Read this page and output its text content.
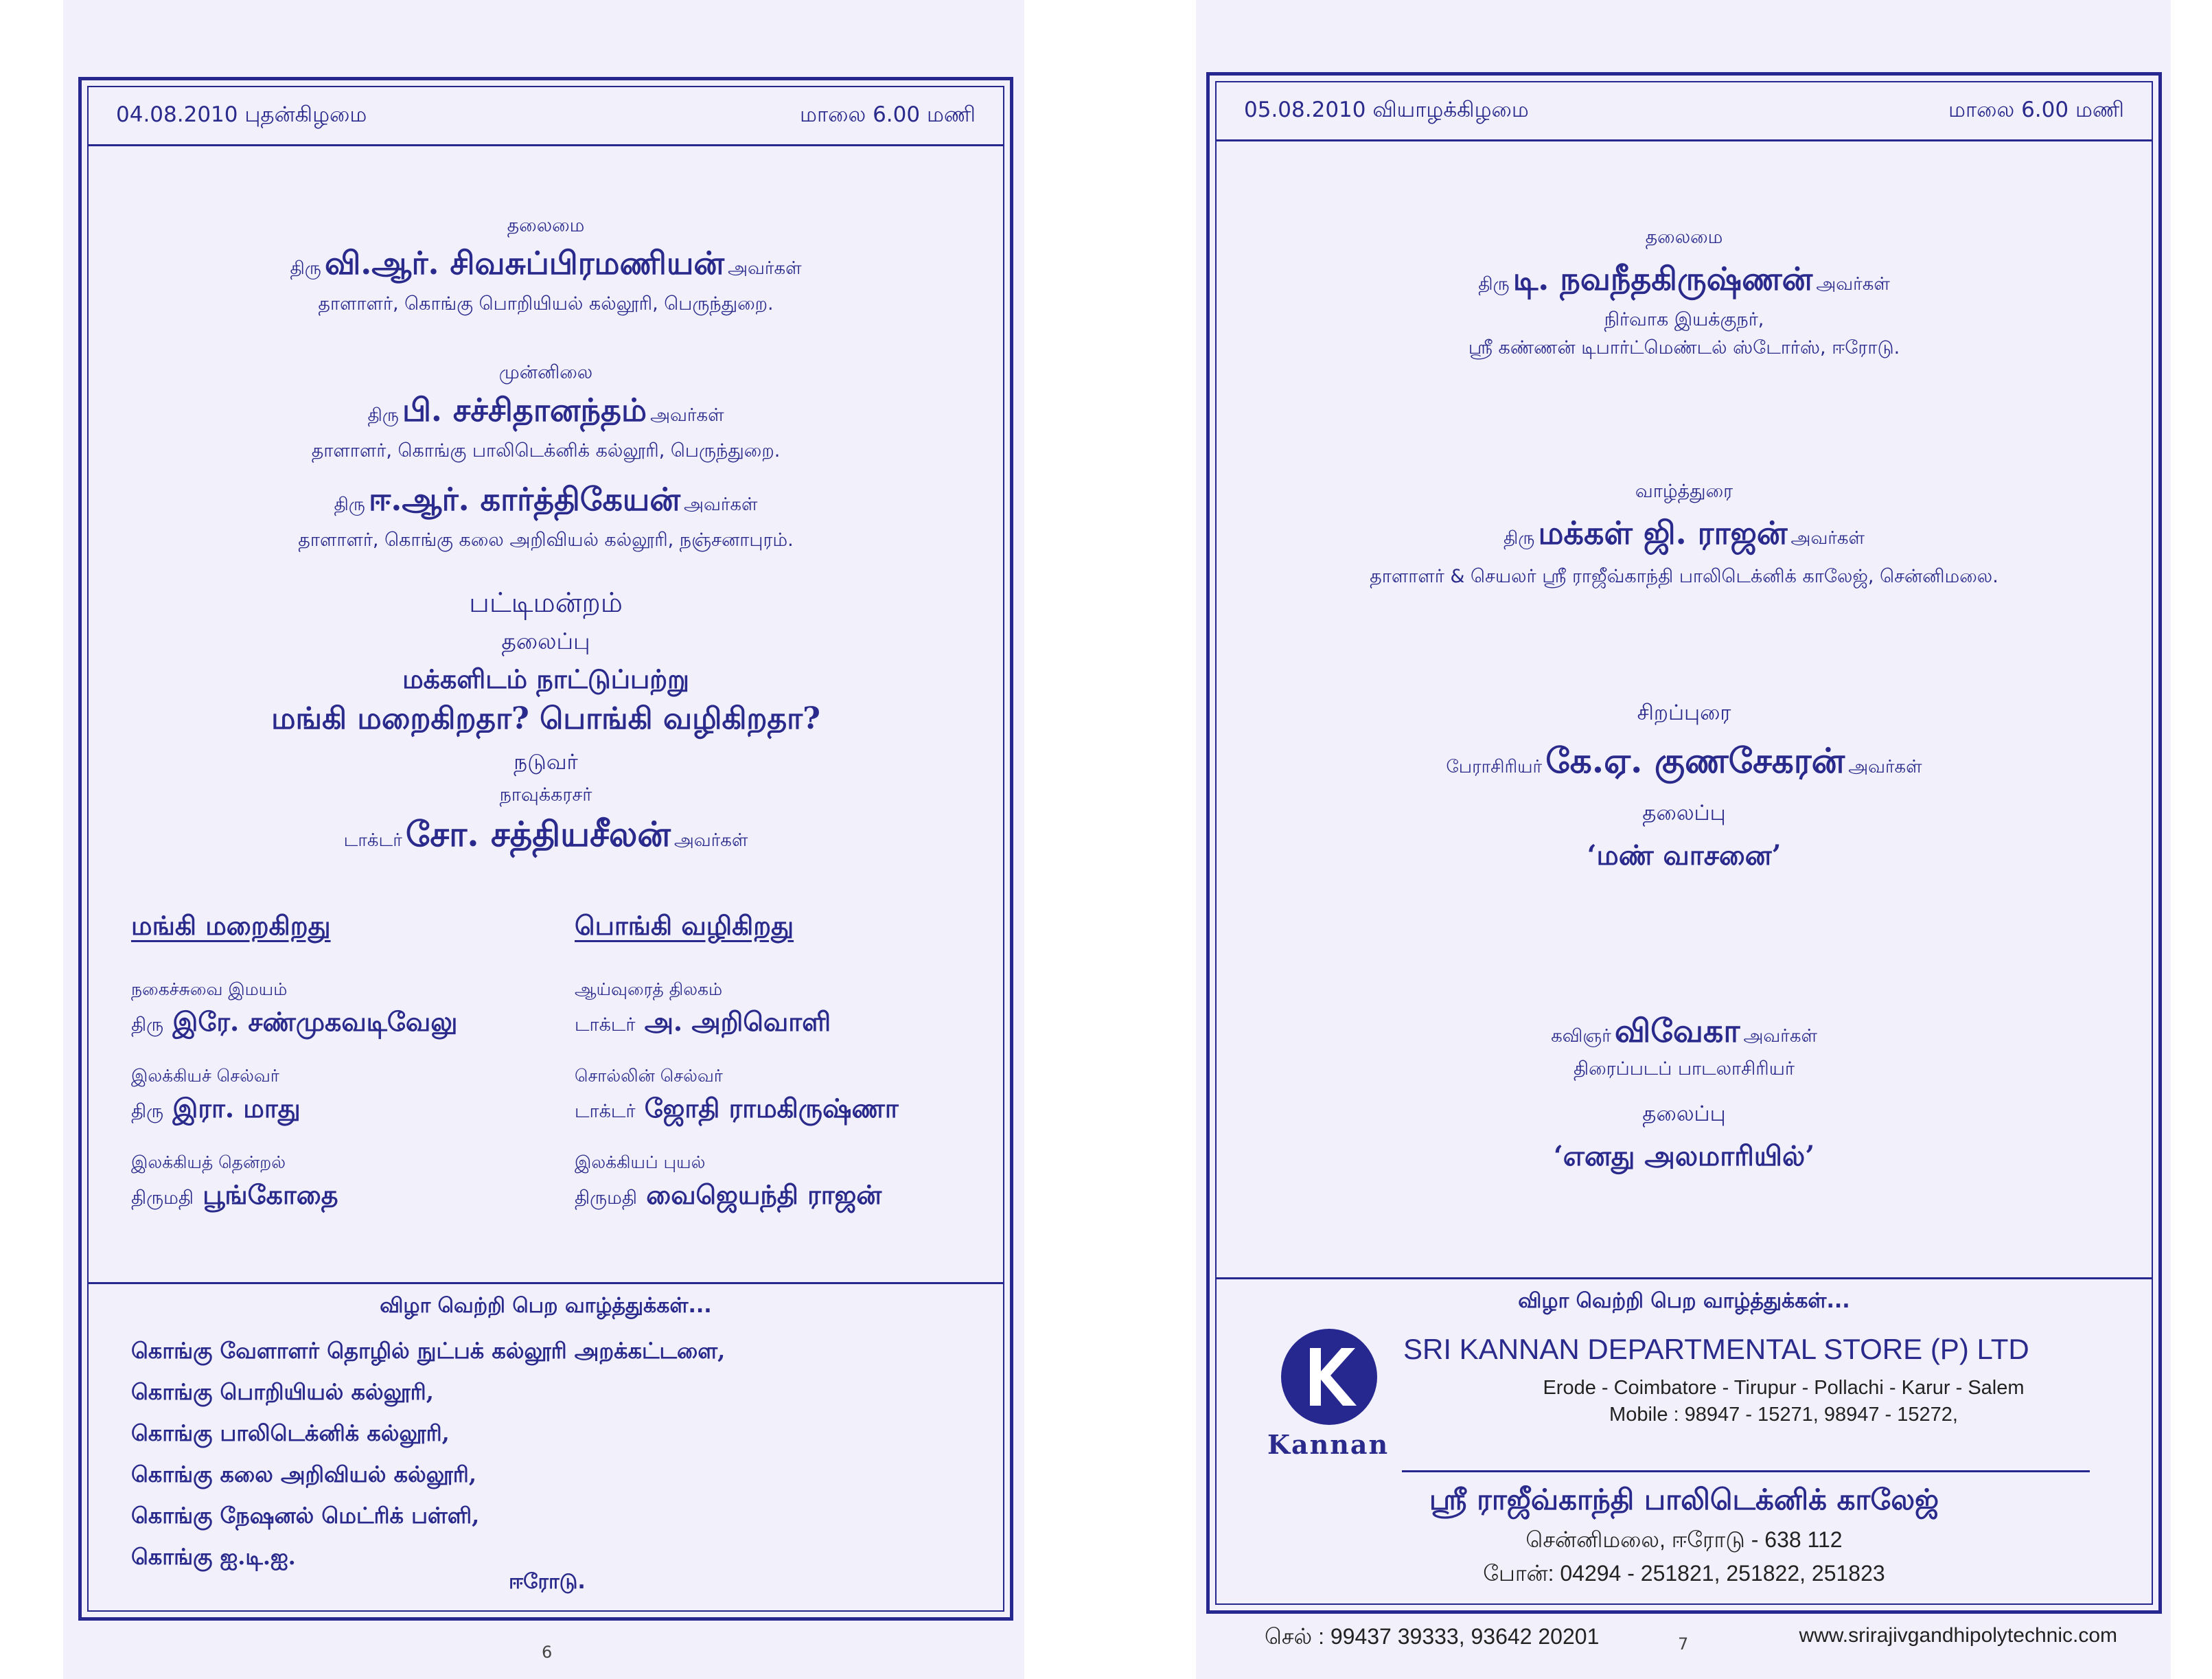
04.08.2010 புதன்கிழமை	மாலை 6.00 மணி
தலைமை
திரு வி.ஆர். சிவசுப்பிரமணியன் அவர்கள்
தாளாளர், கொங்கு பொறியியல் கல்லூரி, பெருந்துறை.
முன்னிலை
திரு பி. சச்சிதானந்தம் அவர்கள்
தாளாளர், கொங்கு பாலிடெக்னிக் கல்லூரி, பெருந்துறை.
திரு ஈ.ஆர். கார்த்திகேயன் அவர்கள்
தாளாளர், கொங்கு கலை அறிவியல் கல்லூரி, நஞ்சனாபுரம்.
பட்டிமன்றம்
தலைப்பு
மக்களிடம் நாட்டுப்பற்று
மங்கி மறைகிறதா? பொங்கி வழிகிறதா?
நடுவர்
நாவுக்கரசர்
டாக்டர் சோ. சத்தியசீலன் அவர்கள்
மங்கி மறைகிறது
நகைச்சுவை இமயம்
திரு இரே. சண்முகவடிவேலு
இலக்கியச் செல்வர்
திரு இரா. மாது
இலக்கியத் தென்றல்
திருமதி பூங்கோதை
பொங்கி வழிகிறது
ஆய்வுரைத் திலகம்
டாக்டர் அ. அறிவொளி
சொல்லின் செல்வர்
டாக்டர் ஜோதி ராமகிருஷ்ணா
இலக்கியப் புயல்
திருமதி வைஜெயந்தி ராஜன்
விழா வெற்றி பெற வாழ்த்துக்கள்...
கொங்கு வேளாளர் தொழில் நுட்பக் கல்லூரி அறக்கட்டளை,
கொங்கு பொறியியல் கல்லூரி,
கொங்கு பாலிடெக்னிக் கல்லூரி,
கொங்கு கலை அறிவியல் கல்லூரி,
கொங்கு நேஷனல் மெட்ரிக் பள்ளி,
கொங்கு ஐ.டி.ஐ.
ஈரோடு.
6
05.08.2010 வியாழக்கிழமை	மாலை 6.00 மணி
தலைமை
திரு டி. நவநீதகிருஷ்ணன் அவர்கள்
நிர்வாக இயக்குநர்,
ஸ்ரீ கண்ணன் டிபார்ட்மெண்டல் ஸ்டோர்ஸ், ஈரோடு.
வாழ்த்துரை
திரு மக்கள் ஜி. ராஜன் அவர்கள்
தாளாளர் & செயலர் ஸ்ரீ ராஜீவ்காந்தி பாலிடெக்னிக் காலேஜ், சென்னிமலை.
சிறப்புரை
பேராசிரியர் கே.ஏ. குணசேகரன் அவர்கள்
தலைப்பு
‘மண் வாசனை’
கவிஞர் விவேகா அவர்கள்
திரைப்படப் பாடலாசிரியர்
தலைப்பு
‘எனது அலமாரியில்’
விழா வெற்றி பெற வாழ்த்துக்கள்...
Kannan
SRI KANNAN DEPARTMENTAL STORE (P) LTD
Erode - Coimbatore - Tirupur - Pollachi - Karur - Salem
Mobile : 98947 - 15271, 98947 - 15272,
ஸ்ரீ ராஜீவ்காந்தி பாலிடெக்னிக் காலேஜ்
சென்னிமலை, ஈரோடு - 638 112
போன்: 04294 - 251821, 251822, 251823
செல் : 99437 39333, 93642 20201	www.srirajivgandhipolytechnic.com
7
